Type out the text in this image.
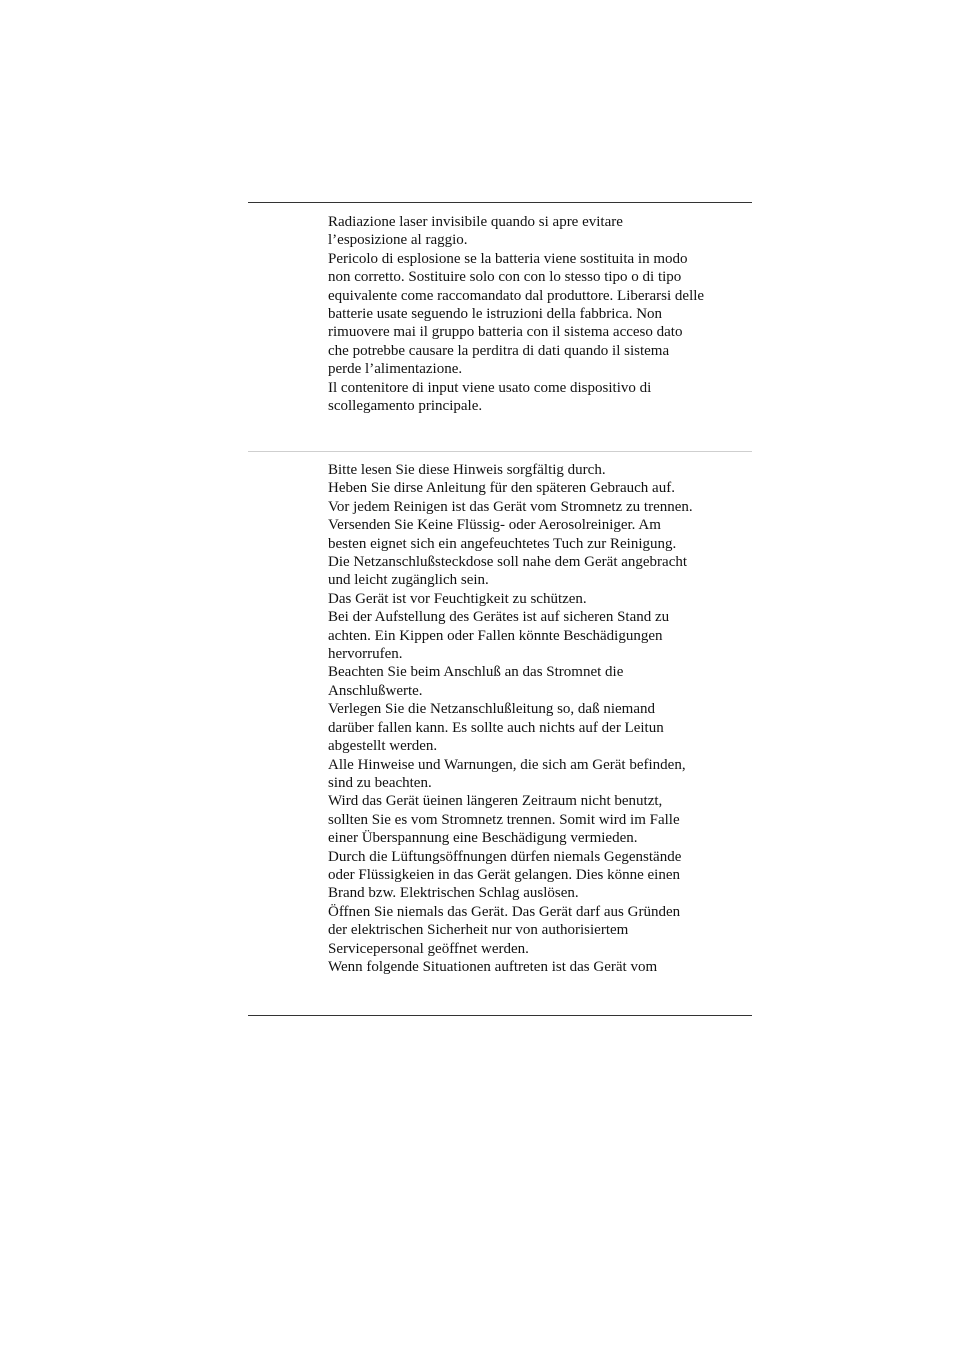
Radiazione laser invisibile quando si apre evitare
l’esposizione al raggio.
Pericolo di esplosione se la batteria viene sostituita in modo
non corretto. Sostituire solo con con lo stesso tipo o di tipo
equivalente come raccomandato dal produttore. Liberarsi delle
batterie usate seguendo le istruzioni della fabbrica. Non
rimuovere mai il gruppo batteria con il sistema acceso dato
che potrebbe causare la perditra di dati quando il sistema
perde l’alimentazione.
Il contenitore di input viene usato come dispositivo di
scollegamento principale.
Bitte lesen Sie diese Hinweis sorgfältig durch.
Heben Sie dirse Anleitung für den späteren Gebrauch auf.
Vor jedem Reinigen ist das Gerät vom Stromnetz zu trennen.
Versenden Sie Keine Flüssig- oder Aerosolreiniger. Am
besten eignet sich ein angefeuchtetes Tuch zur Reinigung.
Die Netzanschlußsteckdose soll nahe dem Gerät angebracht
und leicht zugänglich sein.
Das Gerät ist vor Feuchtigkeit zu schützen.
Bei der Aufstellung des Gerätes ist auf sicheren Stand zu
achten. Ein Kippen oder Fallen könnte Beschädigungen
hervorrufen.
Beachten Sie beim Anschluß an das Stromnet die
Anschlußwerte.
Verlegen Sie die Netzanschlußleitung so, daß niemand
darüber fallen kann. Es sollte auch nichts auf der Leitun
abgestellt werden.
Alle Hinweise und Warnungen, die sich am Gerät befinden,
sind zu beachten.
Wird das Gerät üeinen längeren Zeitraum nicht benutzt,
sollten Sie es vom Stromnetz trennen. Somit wird im Falle
einer Überspannung eine Beschädigung vermieden.
Durch die Lüftungsöffnungen dürfen niemals Gegenstände
oder Flüssigkeien in das Gerät gelangen. Dies könne einen
Brand bzw. Elektrischen Schlag auslösen.
Öffnen Sie niemals das Gerät. Das Gerät darf aus Gründen
der elektrischen Sicherheit nur von authorisiertem
Servicepersonal geöffnet werden.
Wenn folgende Situationen auftreten ist das Gerät vom
